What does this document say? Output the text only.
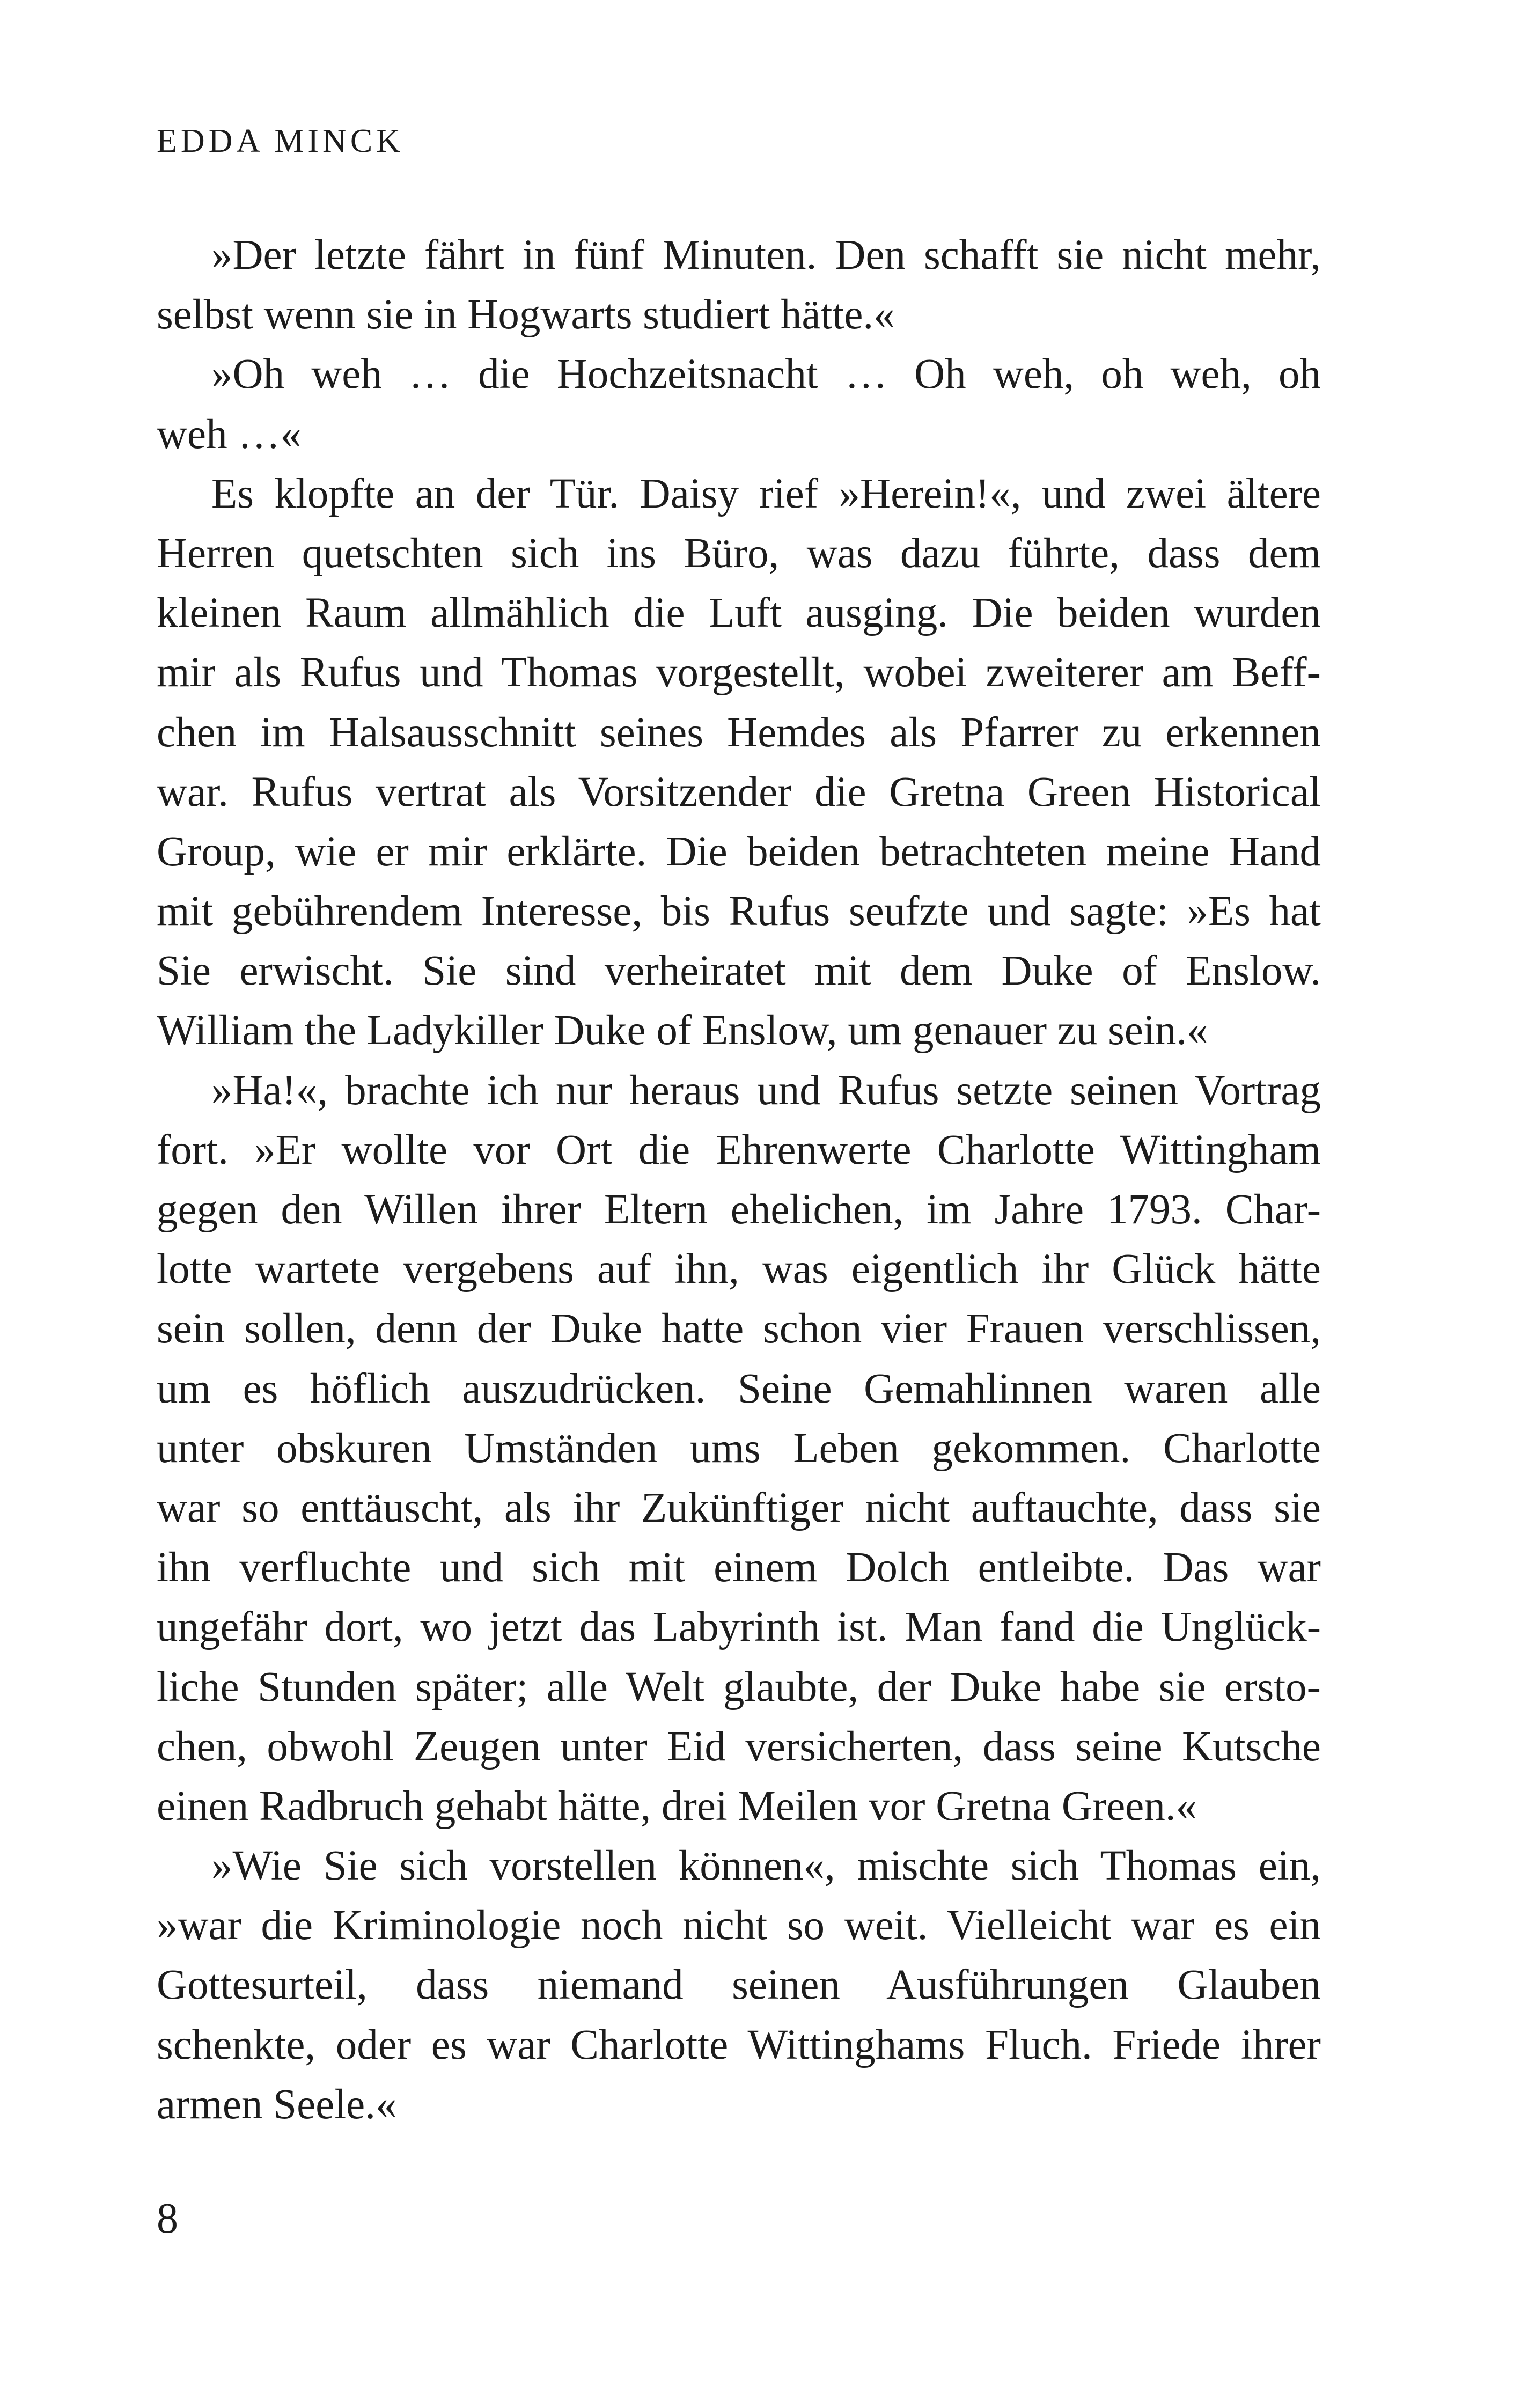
EDDA MINCK
»Der letzte fährt in fünf Minuten. Den schafft sie nicht mehr,
selbst wenn sie in Hogwarts studiert hätte.«
»Oh weh … die Hochzeitsnacht … Oh weh, oh weh, oh
weh …«
Es klopfte an der Tür. Daisy rief »Herein!«, und zwei ältere
Herren quetschten sich ins Büro, was dazu führte, dass dem
kleinen Raum allmählich die Luft ausging. Die beiden wurden
mir als Rufus und Thomas vorgestellt, wobei zweiterer am Beff-
chen im Halsausschnitt seines Hemdes als Pfarrer zu erkennen
war. Rufus vertrat als Vorsitzender die Gretna Green Historical
Group, wie er mir erklärte. Die beiden betrachteten meine Hand
mit gebührendem Interesse, bis Rufus seufzte und sagte: »Es hat
Sie erwischt. Sie sind verheiratet mit dem Duke of Enslow.
William the Ladykiller Duke of Enslow, um genauer zu sein.«
»Ha!«, brachte ich nur heraus und Rufus setzte seinen Vortrag
fort. »Er wollte vor Ort die Ehrenwerte Charlotte Wittingham
gegen den Willen ihrer Eltern ehelichen, im Jahre 1793. Char-
lotte wartete vergebens auf ihn, was eigentlich ihr Glück hätte
sein sollen, denn der Duke hatte schon vier Frauen verschlissen,
um es höflich auszudrücken. Seine Gemahlinnen waren alle
unter obskuren Umständen ums Leben gekommen. Charlotte
war so enttäuscht, als ihr Zukünftiger nicht auftauchte, dass sie
ihn verfluchte und sich mit einem Dolch entleibte. Das war
ungefähr dort, wo jetzt das Labyrinth ist. Man fand die Unglück-
liche Stunden später; alle Welt glaubte, der Duke habe sie ersto-
chen, obwohl Zeugen unter Eid versicherten, dass seine Kutsche
einen Radbruch gehabt hätte, drei Meilen vor Gretna Green.«
»Wie Sie sich vorstellen können«, mischte sich Thomas ein,
»war die Kriminologie noch nicht so weit. Vielleicht war es ein
Gottesurteil, dass niemand seinen Ausführungen Glauben
schenkte, oder es war Charlotte Wittinghams Fluch. Friede ihrer
armen Seele.«
8
